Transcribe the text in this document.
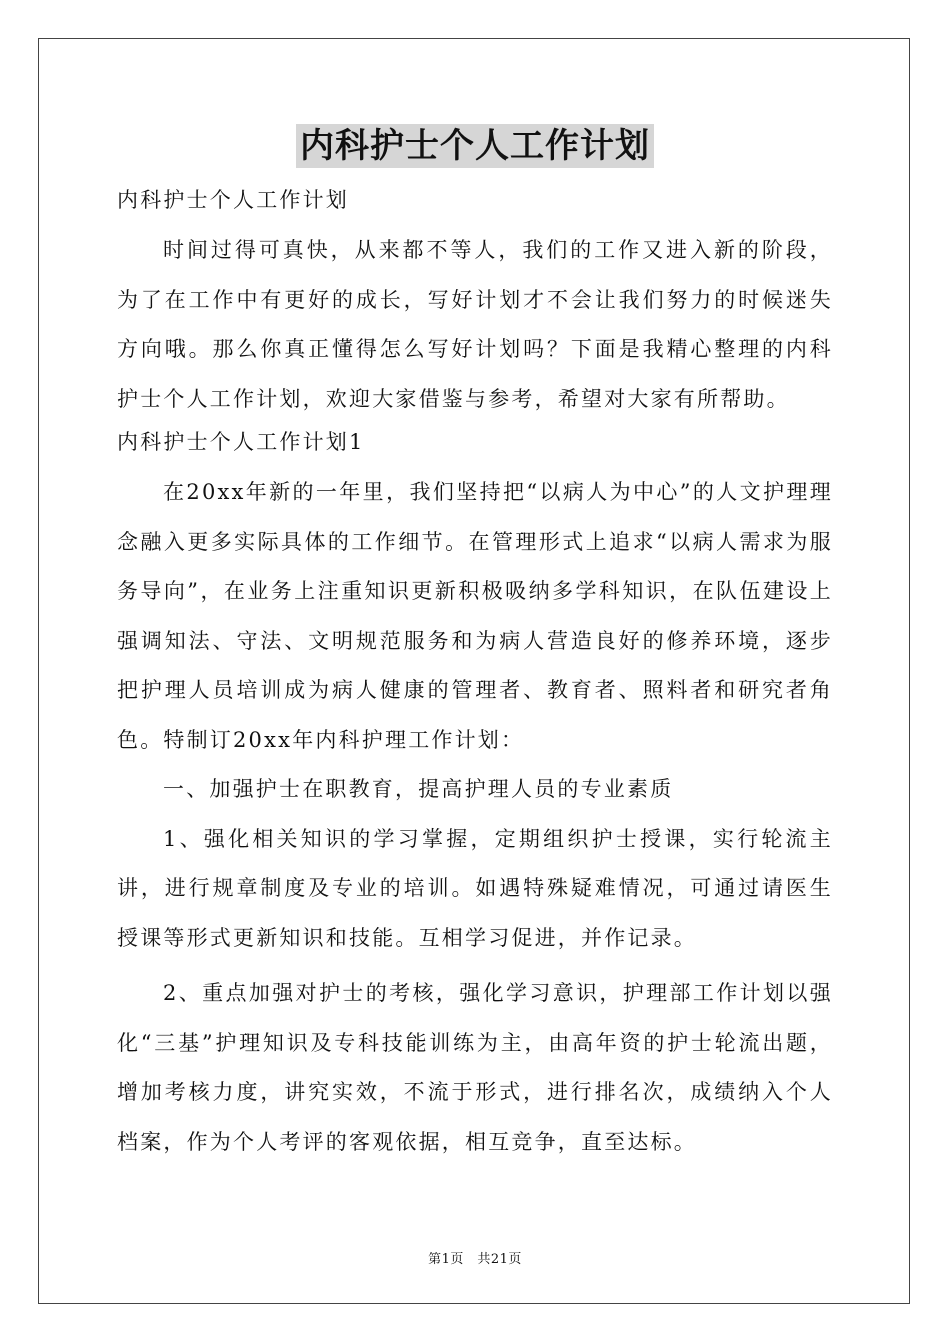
内科护士个人工作计划
内科护士个人工作计划

时间过得可真快，从来都不等人，我们的工作又进入新的阶段，为了在工作中有更好的成长，写好计划才不会让我们努力的时候迷失方向哦。那么你真正懂得怎么写好计划吗？下面是我精心整理的内科护士个人工作计划，欢迎大家借鉴与参考，希望对大家有所帮助。

内科护士个人工作计划1

在20xx年新的一年里，我们坚持把“以病人为中心”的人文护理理念融入更多实际具体的工作细节。在管理形式上追求“以病人需求为服务导向”，在业务上注重知识更新积极吸纳多学科知识，在队伍建设上强调知法、守法、文明规范服务和为病人营造良好的修养环境，逐步把护理人员培训成为病人健康的管理者、教育者、照料者和研究者角色。特制订20xx年内科护理工作计划：

一、加强护士在职教育，提高护理人员的专业素质

1、强化相关知识的学习掌握，定期组织护士授课，实行轮流主讲，进行规章制度及专业的培训。如遇特殊疑难情况，可通过请医生授课等形式更新知识和技能。互相学习促进，并作记录。

2、重点加强对护士的考核，强化学习意识，护理部工作计划以强化“三基”护理知识及专科技能训练为主，由高年资的护士轮流出题，增加考核力度，讲究实效，不流于形式，进行排名次，成绩纳入个人档案，作为个人考评的客观依据，相互竞争，直至达标。

第1页　共21页
